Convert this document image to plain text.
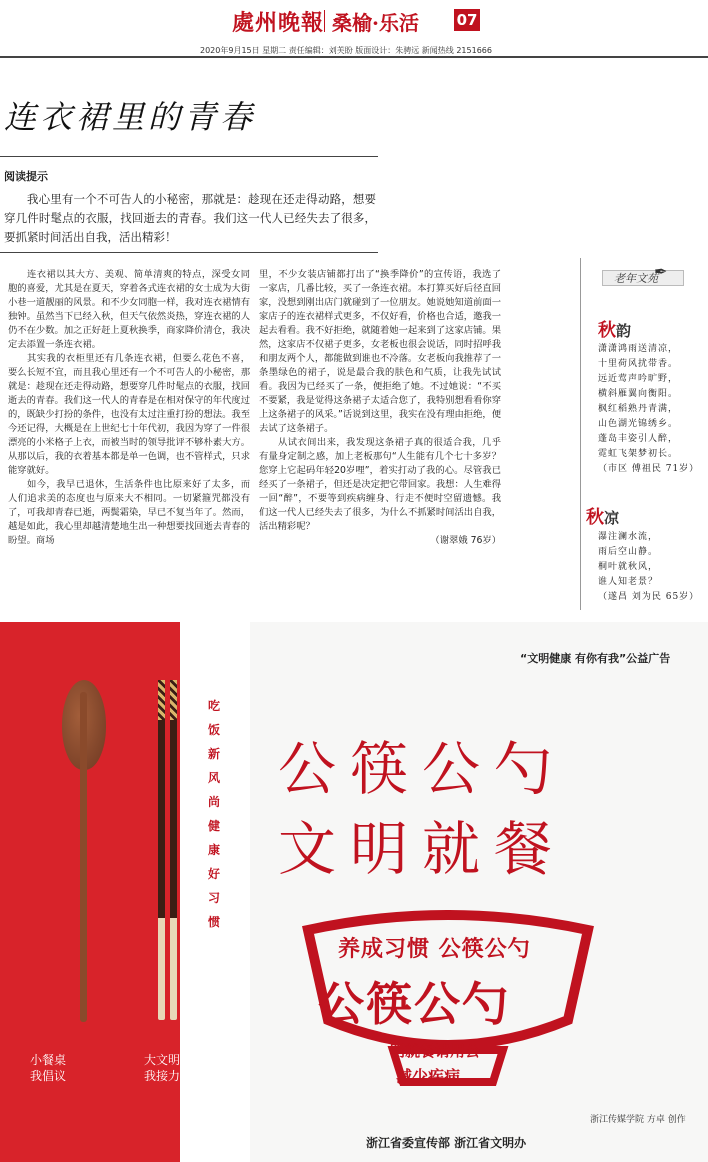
處州晚報 桑榆·乐活	07
2020年9月15日 星期二 责任编辑：刘芙盼 版面设计：朱骋远 新闻热线 2151666
连衣裙里的青春
阅读提示
我心里有一个不可告人的小秘密，那就是：趁现在还走得动路，想要穿几件时髦点的衣服，找回逝去的青春。我们这一代人已经失去了很多，要抓紧时间活出自我，活出精彩！

连衣裙以其大方、美观、简单清爽的特点，深受女同胞的喜爱，尤其是在夏天，穿着各式连衣裙的女士成为大街小巷一道靓丽的风景。和不少女同胞一样，我对连衣裙情有独钟。虽然当下已经入秋，但天气依然炎热，穿连衣裙的人仍不在少数。加之正好赶上夏秋换季，商家降价清仓，我决定去添置一条连衣裙。

其实我的衣柜里还有几条连衣裙，但要么花色不喜，要么长短不宜，而且我心里还有一个不可告人的小秘密，那就是：趁现在还走得动路，想要穿几件时髦点的衣服，找回逝去的青春。我们这一代人的青春是在相对保守的年代度过的，既缺少打扮的条件，也没有太过注重打扮的想法。我至今还记得，大概是在上世纪七十年代初，我因为穿了一件很漂亮的小米格子上衣，而被当时的领导批评不够朴素大方。从那以后，我的衣着基本都是单一色调，也不管样式，只求能穿就好。

如今，我早已退休，生活条件也比原来好了太多，而人们追求美的态度也与原来大不相同。一切紧箍咒都没有了，可我却青春已逝，两鬓霜染，早已不复当年了。然而，越是如此，我心里却越清楚地生出一种想要找回逝去青春的盼望。商场

里，不少女装店铺都打出了“换季降价”的宣传语，我选了一家店，几番比较，买了一条连衣裙。本打算买好后径直回家，没想到刚出店门就碰到了一位朋友。她说她知道前面一家店子的连衣裙样式更多，不仅好看，价格也合适，邀我一起去看看。我不好拒绝，就随着她一起来到了这家店铺。果然，这家店不仅裙子更多，女老板也很会说话，同时招呼我和朋友两个人，都能做到谁也不冷落。女老板向我推荐了一条墨绿色的裙子，说是最合我的肤色和气质，让我先试试看。我因为已经买了一条，便拒绝了她。不过她说：“不买不要紧，我是觉得这条裙子太适合您了，我特别想看看你穿上这条裙子的风采。”话说到这里，我实在没有理由拒绝，便去试了这条裙子。

从试衣间出来，我发现这条裙子真的很适合我，几乎有量身定制之感，加上老板那句“人生能有几个七十多岁？您穿上它起码年轻20岁哩”，着实打动了我的心。尽管我已经买了一条裙子，但还是决定把它带回家。我想：人生难得一回“醉”，不要等到疾病缠身、行走不便时空留遗憾。我们这一代人已经失去了很多，为什么不抓紧时间活出自我，活出精彩呢？

（谢翠娥 76岁）

老年文苑
✒
秋韵
潇潇鸿雨送清凉，
十里荷风扰带香。
远近莺声吟旷野，
横斜雁翼向衡阳。
枫红稻熟丹青满，
山色湖光锦绣乡。
蓬岛丰姿引人醉，
霓虹飞架梦初长。
（市区 傅祖民 71岁）
秋凉
瀑注澜水流，
雨后空山静。
桐叶就秋风，
谁人知老景？
（遂昌 刘为民 65岁）
小餐桌	大文明
我倡议	我接力
吃饭新风尚健康好习惯
“文明健康 有你有我”公益广告
公筷公勺
文明就餐
养成习惯 公筷公勺
公筷公勺
明就餐请用公
减少疾病
浙江传媒学院 方卓 创作
浙江省委宣传部 浙江省文明办
